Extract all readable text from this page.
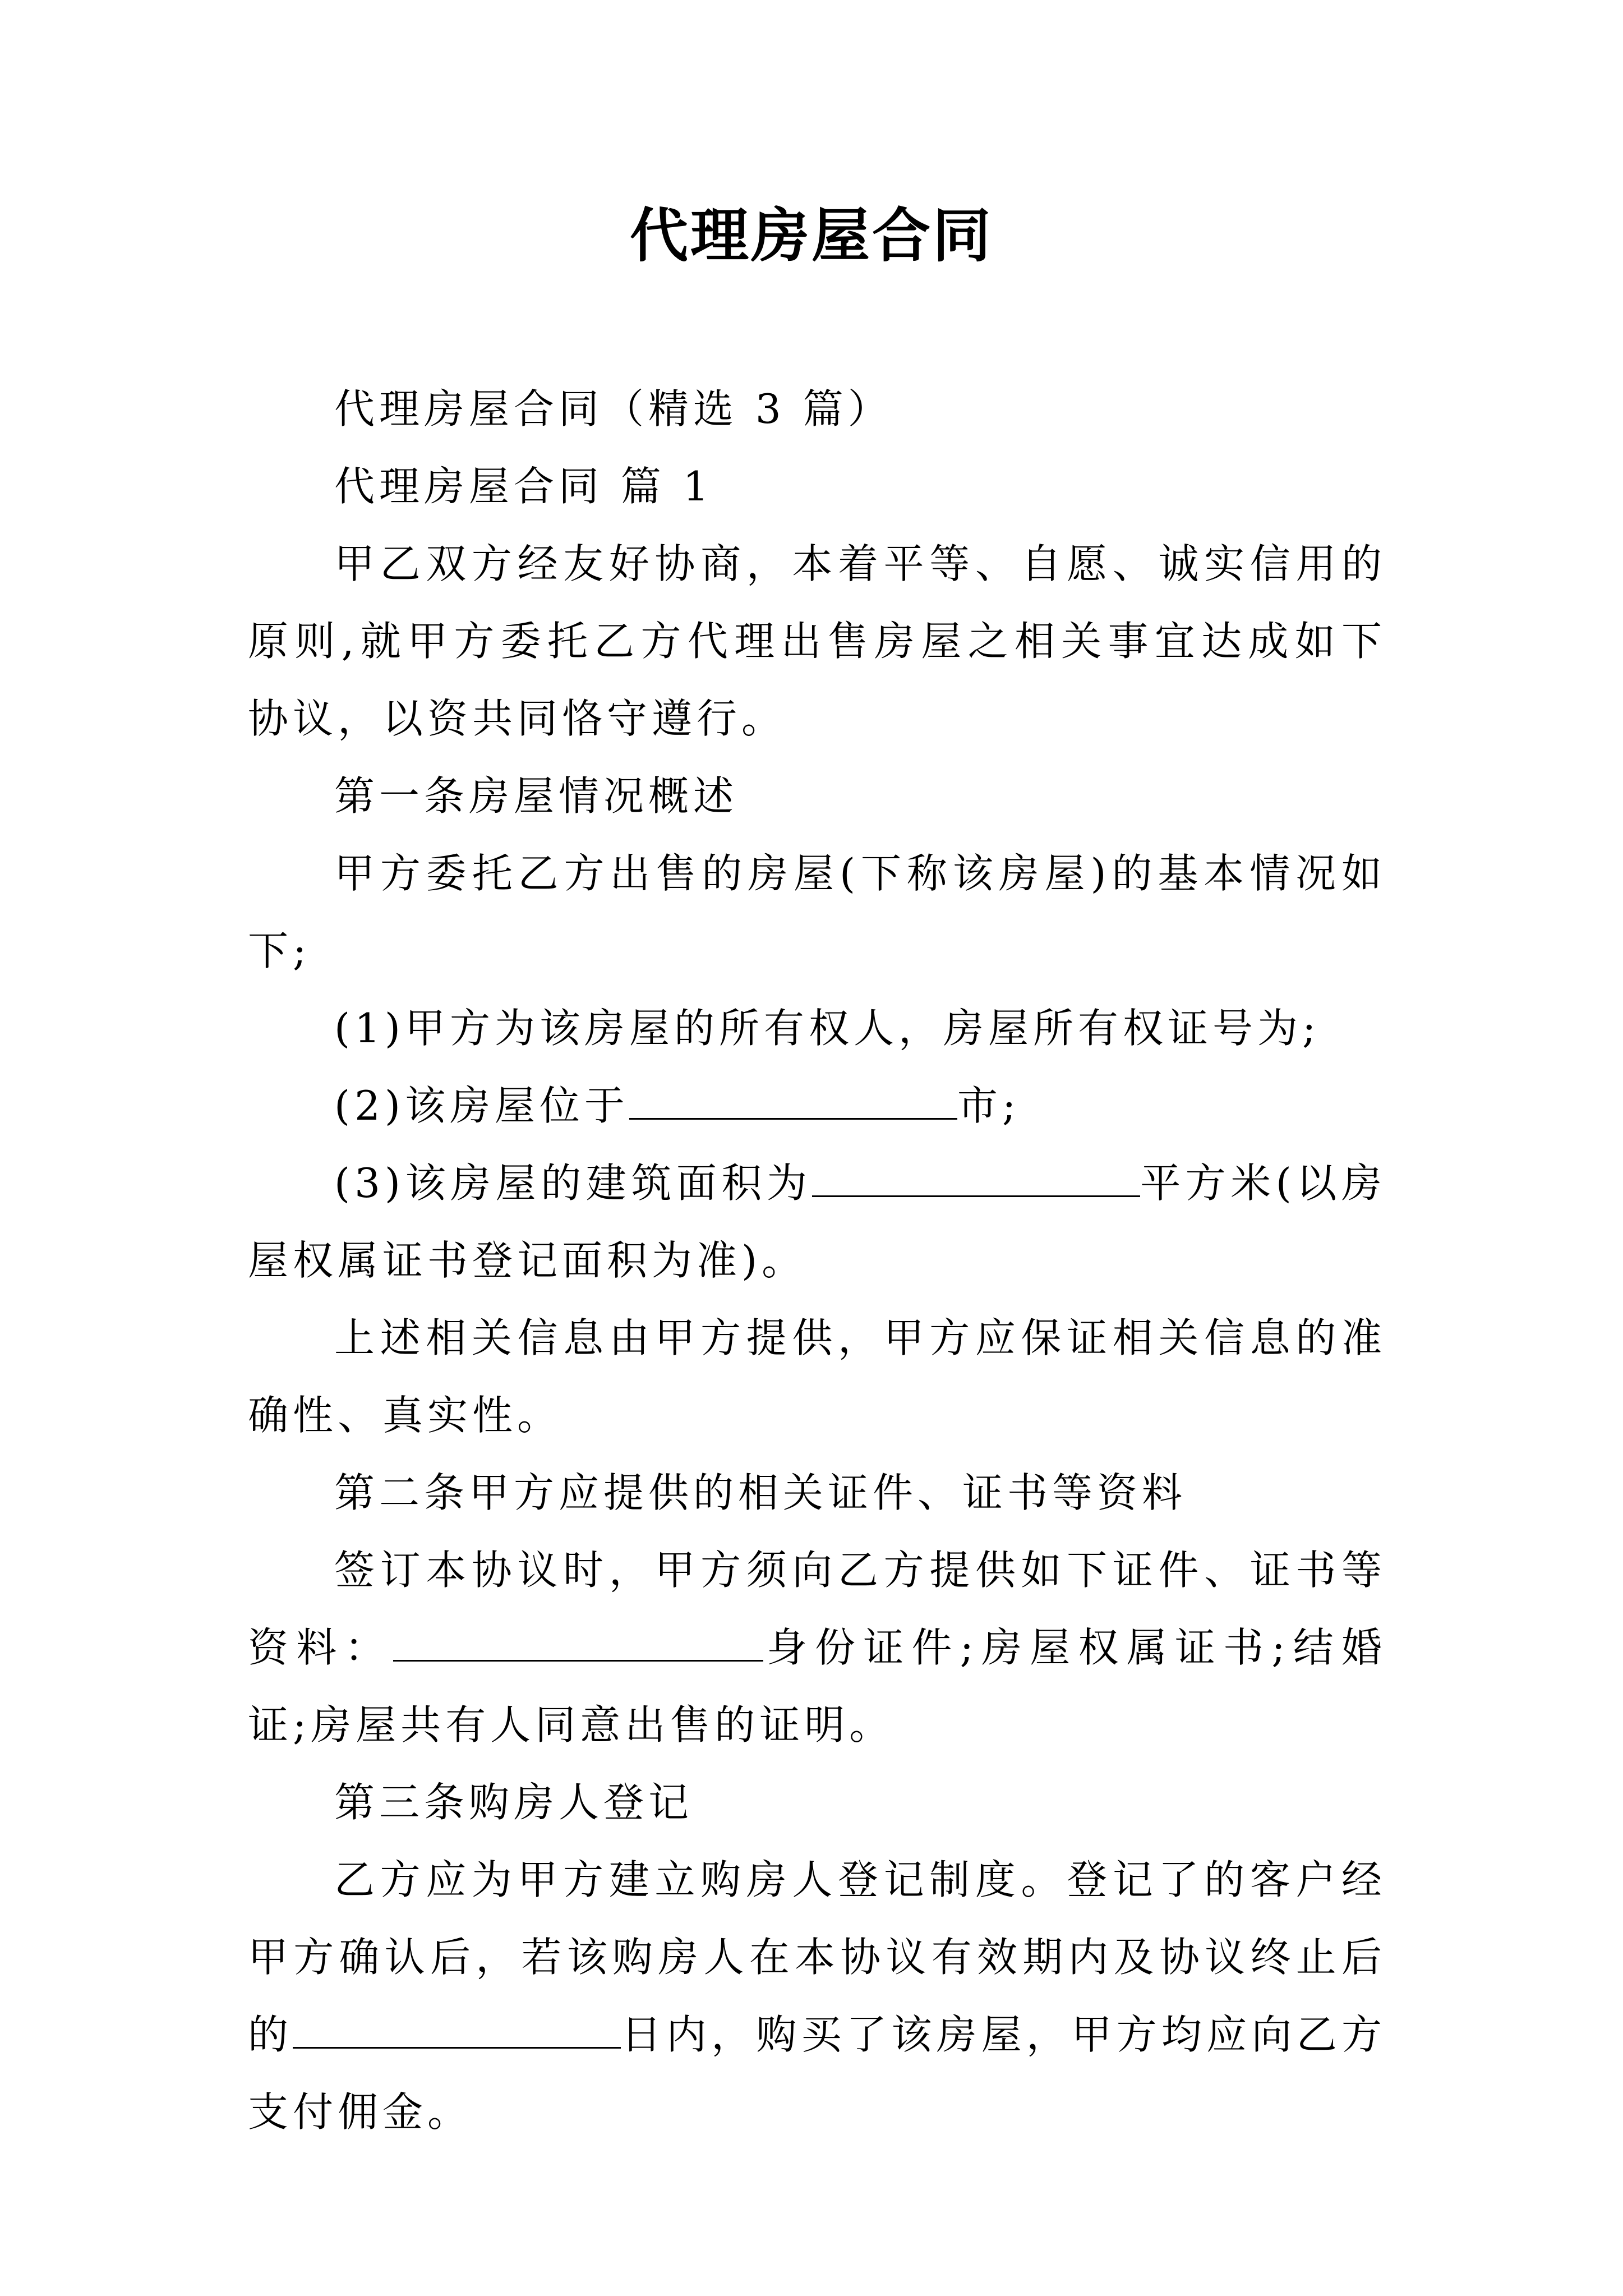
代理房屋合同

代理房屋合同（精选 3 篇）

代理房屋合同 篇 1

甲乙双方经友好协商，本着平等、自愿、诚实信用的原则,就甲方委托乙方代理出售房屋之相关事宜达成如下协议，以资共同恪守遵行。

第一条房屋情况概述

甲方委托乙方出售的房屋(下称该房屋)的基本情况如下;

(1)甲方为该房屋的所有权人，房屋所有权证号为;

(2)该房屋位于	市;

(3)该房屋的建筑面积为	平方米(以房屋权属证书登记面积为准)。

上述相关信息由甲方提供，甲方应保证相关信息的准确性、真实性。

第二条甲方应提供的相关证件、证书等资料

签订本协议时，甲方须向乙方提供如下证件、证书等资料：	身份证件;房屋权属证书;结婚证;房屋共有人同意出售的证明。

第三条购房人登记

乙方应为甲方建立购房人登记制度。登记了的客户经甲方确认后，若该购房人在本协议有效期内及协议终止后的	日内，购买了该房屋，甲方均应向乙方支付佣金。
